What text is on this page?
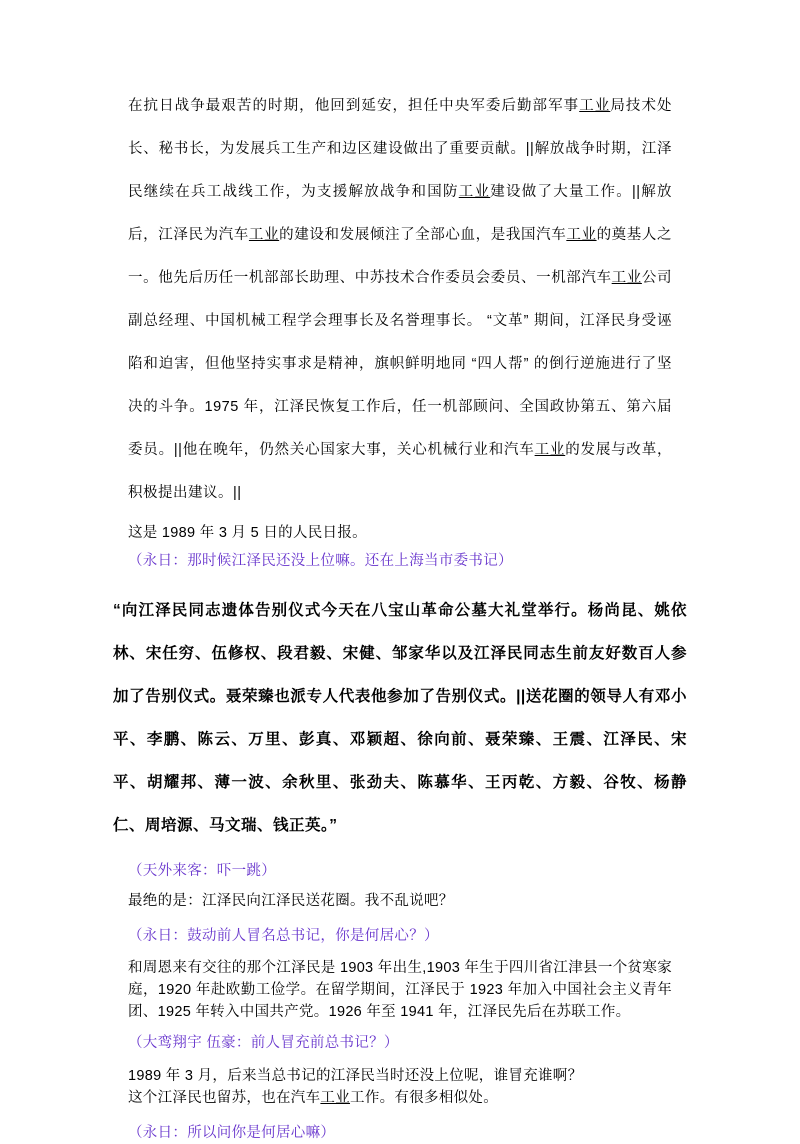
在抗日战争最艰苦的时期，他回到延安，担任中央军委后勤部军事工业局技术处长、秘书长，为发展兵工生产和边区建设做出了重要贡献。||解放战争时期，江泽民继续在兵工战线工作，为支援解放战争和国防工业建设做了大量工作。||解放后，江泽民为汽车工业的建设和发展倾注了全部心血，是我国汽车工业的奠基人之一。他先后历任一机部部长助理、中苏技术合作委员会委员、一机部汽车工业公司副总经理、中国机械工程学会理事长及名誉理事长。 “文革” 期间，江泽民身受诬陷和迫害，但他坚持实事求是精神，旗帜鲜明地同 “四人帮” 的倒行逆施进行了坚决的斗争。1975 年，江泽民恢复工作后，任一机部顾问、全国政协第五、第六届委员。||他在晚年，仍然关心国家大事，关心机械行业和汽车工业的发展与改革，积极提出建议。||
这是 1989 年 3 月 5 日的人民日报。
（永日：那时候江泽民还没上位嘛。还在上海当市委书记）
“向江泽民同志遗体告别仪式今天在八宝山革命公墓大礼堂举行。杨尚昆、姚依林、宋任穷、伍修权、段君毅、宋健、邹家华以及江泽民同志生前友好数百人参加了告别仪式。聂荣臻也派专人代表他参加了告别仪式。||送花圈的领导人有邓小平、李鹏、陈云、万里、彭真、邓颖超、徐向前、聂荣臻、王震、江泽民、宋平、胡耀邦、薄一波、余秋里、张劲夫、陈慕华、王丙乾、方毅、谷牧、杨静仁、周培源、马文瑞、钱正英。”
（天外来客：吓一跳）
最绝的是：江泽民向江泽民送花圈。我不乱说吧？
（永日：鼓动前人冒名总书记，你是何居心？）
和周恩来有交往的那个江泽民是 1903 年出生,1903 年生于四川省江津县一个贫寒家庭，1920 年赴欧勤工俭学。在留学期间，江泽民于 1923 年加入中国社会主义青年团、1925 年转入中国共产党。1926 年至 1941 年，江泽民先后在苏联工作。
（大鸾翔宇 伍豪：前人冒充前总书记？）
1989 年 3 月，后来当总书记的江泽民当时还没上位呢，谁冒充谁啊？
这个江泽民也留苏，也在汽车工业工作。有很多相似处。
（永日：所以问你是何居心嘛）
